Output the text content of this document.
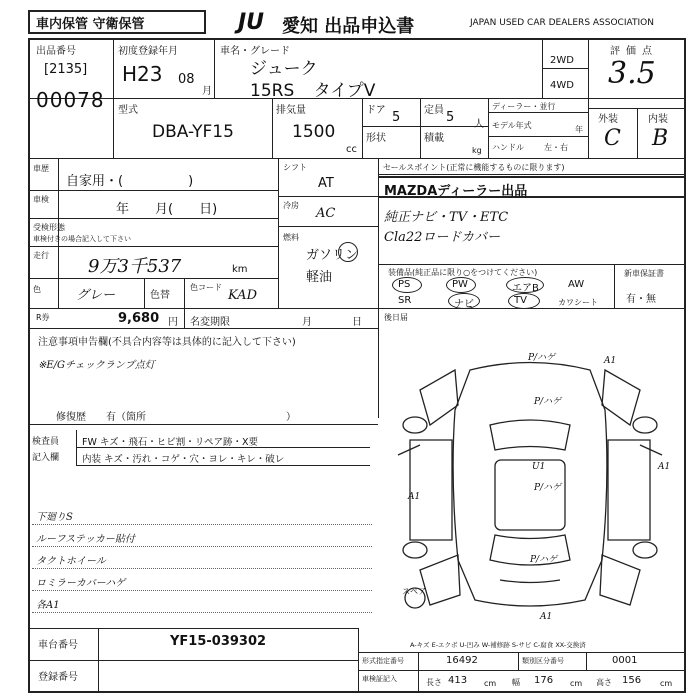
車内保管 守衛保管	JU 愛知 出品申込書	JAPAN USED CAR DEALERS ASSOCIATION
出品番号
[2135]
00078
初度登録年月
H23 08
月
車名・グレード
ジューク
15RS タイプV
2WD
4WD
評価点
3.5
外装	内装
C B
型式
DBA-YF15
排気量
1500
cc
ドア 5 定員 5 人
形状	積載
kg
ディーラー・並行
モデル年式	年
ハンドル	左・右
車歴
自家用・(　　　　　)
車検
年　　月(　　日)
受検形態
車検付きの場合記入して下さい
走行
9万3千537	km
色	グレー	色替
色コード
KAD
シフト
AT
冷房
AC
燃料
ガソリン
軽油
セールスポイント(正常に機能するものに限ります)
MAZDAディーラー出品
純正ナビ・TV・ETC
Cla22ロードカバー
装備品(純正品に限り○をつけてください)
PS	PW	エアB	AW
SR	ナビ	TV	カワシート
新車保証書
有・無
R券	9,680 円 名変期限	月	日	後日届
注意事項申告欄(不具合内容等は具体的に記入して下さい)
※E/Gチェックランプ点灯
修復歴　　有（箇所	）
検査員
記入欄
FW キズ・飛石・ヒビ割・リペア跡・X要
内装 キズ・汚れ・コゲ・穴・ヨレ・キレ・破レ
下廻りS
ルーフステッカー貼付
タクトホイール
ロミラーカバーハゲ
各A1
P/ハゲ	A1
P/ハゲ
U1
P/ハゲ
A1
A1
P/ハゲ
A1
スペア
A-キズ E-エクボ U-凹み W-補修跡 S-サビ C-腐食 XX-交換済
車台番号	YF15-039302
登録番号
形式指定番号	16492	類別区分番号	0001
車検証記入	長さ 413 cm 幅 176 cm 高さ 156 cm
